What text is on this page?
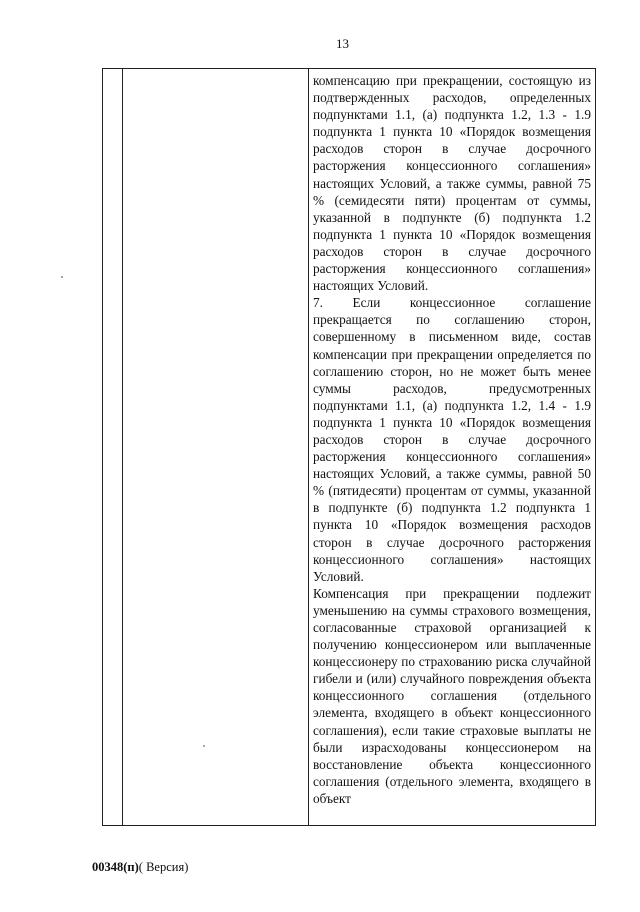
13

компенсацию при прекращении, состоящую из подтвержденных расходов, определенных подпунктами 1.1, (а) подпункта 1.2, 1.3 - 1.9 подпункта 1 пункта 10 «Порядок возмещения расходов сторон в случае досрочного расторжения концессионного соглашения» настоящих Условий, а также суммы, равной 75 % (семидесяти пяти) процентам от суммы, указанной в подпункте (б) подпункта 1.2 подпункта 1 пункта 10 «Порядок возмещения расходов сторон в случае досрочного расторжения концессионного соглашения» настоящих Условий.

7. Если концессионное соглашение прекращается по соглашению сторон, совершенному в письменном виде, состав компенсации при прекращении определяется по соглашению сторон, но не может быть менее суммы расходов, предусмотренных подпунктами 1.1, (а) подпункта 1.2, 1.4 - 1.9 подпункта 1 пункта 10 «Порядок возмещения расходов сторон в случае досрочного расторжения концессионного соглашения» настоящих Условий, а также суммы, равной 50 % (пятидесяти) процентам от суммы, указанной в подпункте (б) подпункта 1.2 подпункта 1 пункта 10 «Порядок возмещения расходов сторон в случае досрочного расторжения концессионного соглашения» настоящих Условий.

Компенсация при прекращении подлежит уменьшению на суммы страхового возмещения, согласованные страховой организацией к получению концессионером или выплаченные концессионеру по страхованию риска случайной гибели и (или) случайного повреждения объекта концессионного соглашения (отдельного элемента, входящего в объект концессионного соглашения), если такие страховые выплаты не были израсходованы концессионером на восстановление объекта концессионного соглашения (отдельного элемента, входящего в объект

00348(п)( Версия)
